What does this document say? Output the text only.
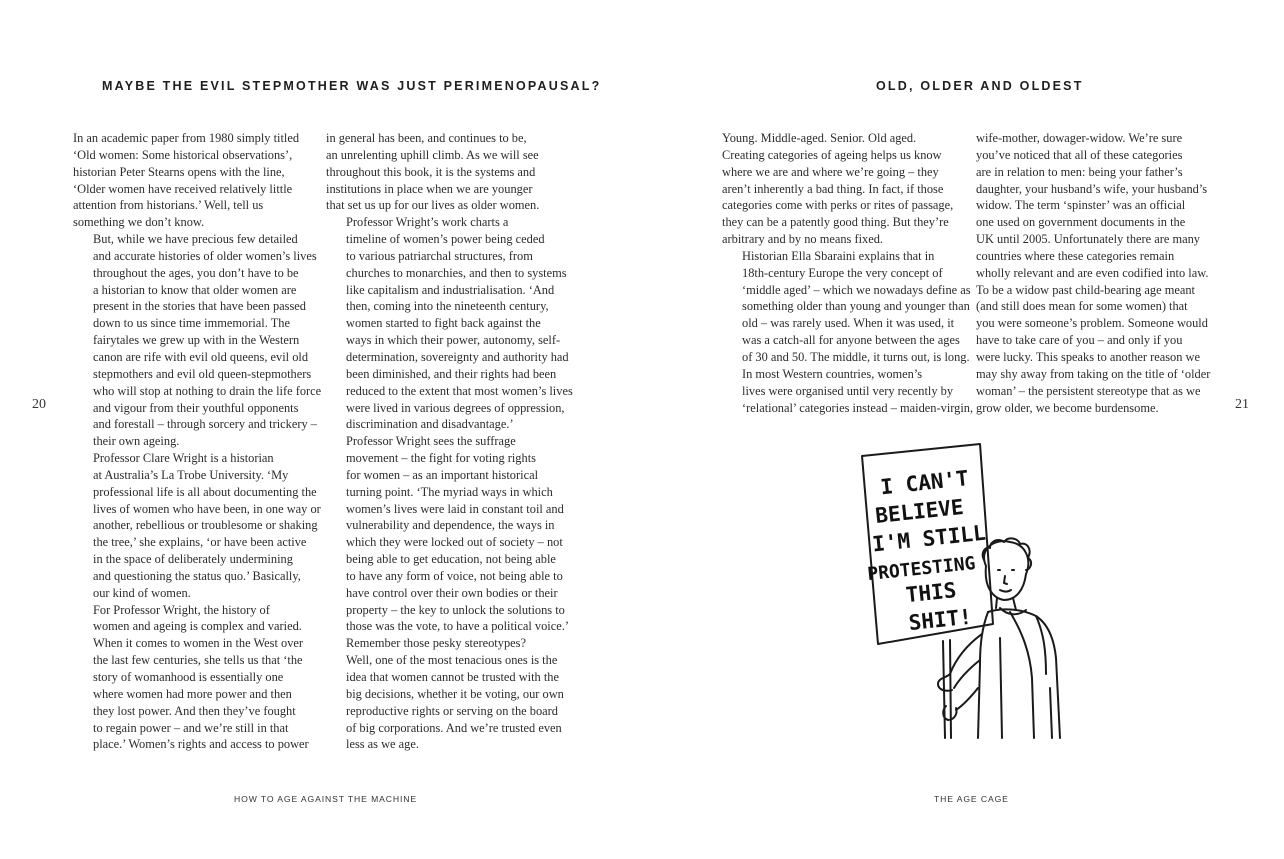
MAYBE THE EVIL STEPMOTHER WAS JUST PERIMENOPAUSAL?

In an academic paper from 1980 simply titled
‘Old women: Some historical observations’,
historian Peter Stearns opens with the line,
‘Older women have received relatively little
attention from historians.’ Well, tell us
something we don’t know.

But, while we have precious few detailed
and accurate histories of older women’s lives
throughout the ages, you don’t have to be
a historian to know that older women are
present in the stories that have been passed
down to us since time immemorial. The
fairytales we grew up with in the Western
canon are rife with evil old queens, evil old
stepmothers and evil old queen-stepmothers
who will stop at nothing to drain the life force
and vigour from their youthful opponents
and forestall – through sorcery and trickery –
their own ageing.

Professor Clare Wright is a historian
at Australia’s La Trobe University. ‘My
professional life is all about documenting the
lives of women who have been, in one way or
another, rebellious or troublesome or shaking
the tree,’ she explains, ‘or have been active
in the space of deliberately undermining
and questioning the status quo.’ Basically,
our kind of women.

For Professor Wright, the history of
women and ageing is complex and varied.
When it comes to women in the West over
the last few centuries, she tells us that ‘the
story of womanhood is essentially one
where women had more power and then
they lost power. And then they’ve fought
to regain power – and we’re still in that
place.’ Women’s rights and access to power

in general has been, and continues to be,
an unrelenting uphill climb. As we will see
throughout this book, it is the systems and
institutions in place when we are younger
that set us up for our lives as older women.

Professor Wright’s work charts a
timeline of women’s power being ceded
to various patriarchal structures, from
churches to monarchies, and then to systems
like capitalism and industrialisation. ‘And
then, coming into the nineteenth century,
women started to fight back against the
ways in which their power, autonomy, self-
determination, sovereignty and authority had
been diminished, and their rights had been
reduced to the extent that most women’s lives
were lived in various degrees of oppression,
discrimination and disadvantage.’

Professor Wright sees the suffrage
movement – the fight for voting rights
for women – as an important historical
turning point. ‘The myriad ways in which
women’s lives were laid in constant toil and
vulnerability and dependence, the ways in
which they were locked out of society – not
being able to get education, not being able
to have any form of voice, not being able to
have control over their own bodies or their
property – the key to unlock the solutions to
those was the vote, to have a political voice.’

Remember those pesky stereotypes?
Well, one of the most tenacious ones is the
idea that women cannot be trusted with the
big decisions, whether it be voting, our own
reproductive rights or serving on the board
of big corporations. And we’re trusted even
less as we age.

20
HOW TO AGE AGAINST THE MACHINE
OLD, OLDER AND OLDEST

Young. Middle-aged. Senior. Old aged.
Creating categories of ageing helps us know
where we are and where we’re going – they
aren’t inherently a bad thing. In fact, if those
categories come with perks or rites of passage,
they can be a patently good thing. But they’re
arbitrary and by no means fixed.

Historian Ella Sbaraini explains that in
18th-century Europe the very concept of
‘middle aged’ – which we nowadays define as
something older than young and younger than
old – was rarely used. When it was used, it
was a catch-all for anyone between the ages
of 30 and 50. The middle, it turns out, is long.

In most Western countries, women’s
lives were organised until very recently by
‘relational’ categories instead – maiden-virgin,

wife-mother, dowager-widow. We’re sure
you’ve noticed that all of these categories
are in relation to men: being your father’s
daughter, your husband’s wife, your husband’s
widow. The term ‘spinster’ was an official
one used on government documents in the
UK until 2005. Unfortunately there are many
countries where these categories remain
wholly relevant and are even codified into law.
To be a widow past child-bearing age meant
(and still does mean for some women) that
you were someone’s problem. Someone would
have to take care of you – and only if you
were lucky. This speaks to another reason we
may shy away from taking on the title of ‘older
woman’ – the persistent stereotype that as we
grow older, we become burdensome.	21
THE AGE CAGE
I CAN'T
BELIEVE
I'M STILL
PROTESTING
THIS
SHIT!
